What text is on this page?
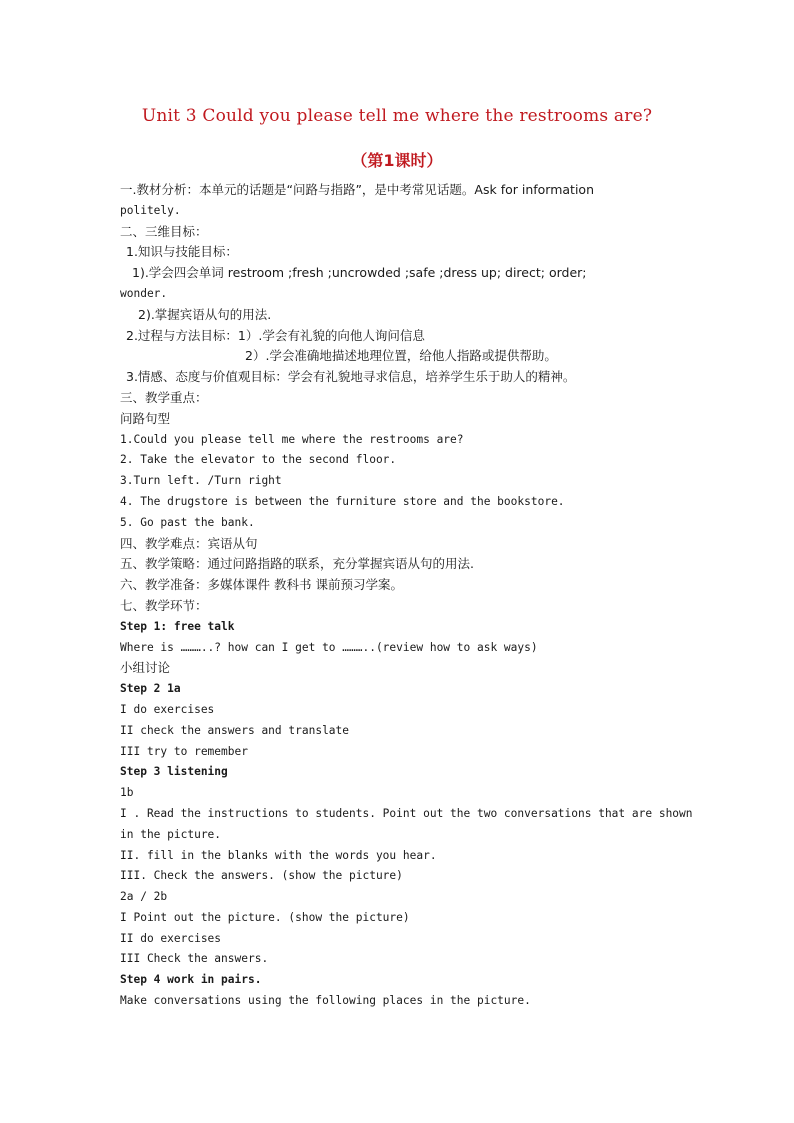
Unit 3 Could you please tell me where the restrooms are?
（第1课时）
一.教材分析：本单元的话题是“问路与指路”，是中考常见话题。Ask for information
politely.
二、三维目标：
1.知识与技能目标：
1).学会四会单词 restroom ;fresh ;uncrowded ;safe ;dress up; direct; order;
wonder.
2).掌握宾语从句的用法.
2.过程与方法目标：1）.学会有礼貌的向他人询问信息
2）.学会准确地描述地理位置，给他人指路或提供帮助。
3.情感、态度与价值观目标：学会有礼貌地寻求信息，培养学生乐于助人的精神。
三、教学重点：
问路句型
1.Could you please tell me where the restrooms are?
2. Take the elevator to the second floor.
3.Turn left. /Turn right
4. The drugstore is between the furniture store and the bookstore.
5. Go past the bank.
四、教学难点：宾语从句
五、教学策略：通过问路指路的联系，充分掌握宾语从句的用法.
六、教学准备：多媒体课件 教科书 课前预习学案。
七、教学环节：
Step 1: free talk
Where is ………..? how can I get to ………..(review how to ask ways)
小组讨论
Step 2 1a
I do exercises
II check the answers and translate
III try to remember
Step 3 listening
1b
I . Read the instructions to students. Point out the two conversations that are shown
in the picture.
II. fill in the blanks with the words you hear.
III. Check the answers. (show the picture)
2a / 2b
I Point out the picture. (show the picture)
II do exercises
III Check the answers.
Step 4 work in pairs.
Make conversations using the following places in the picture.
